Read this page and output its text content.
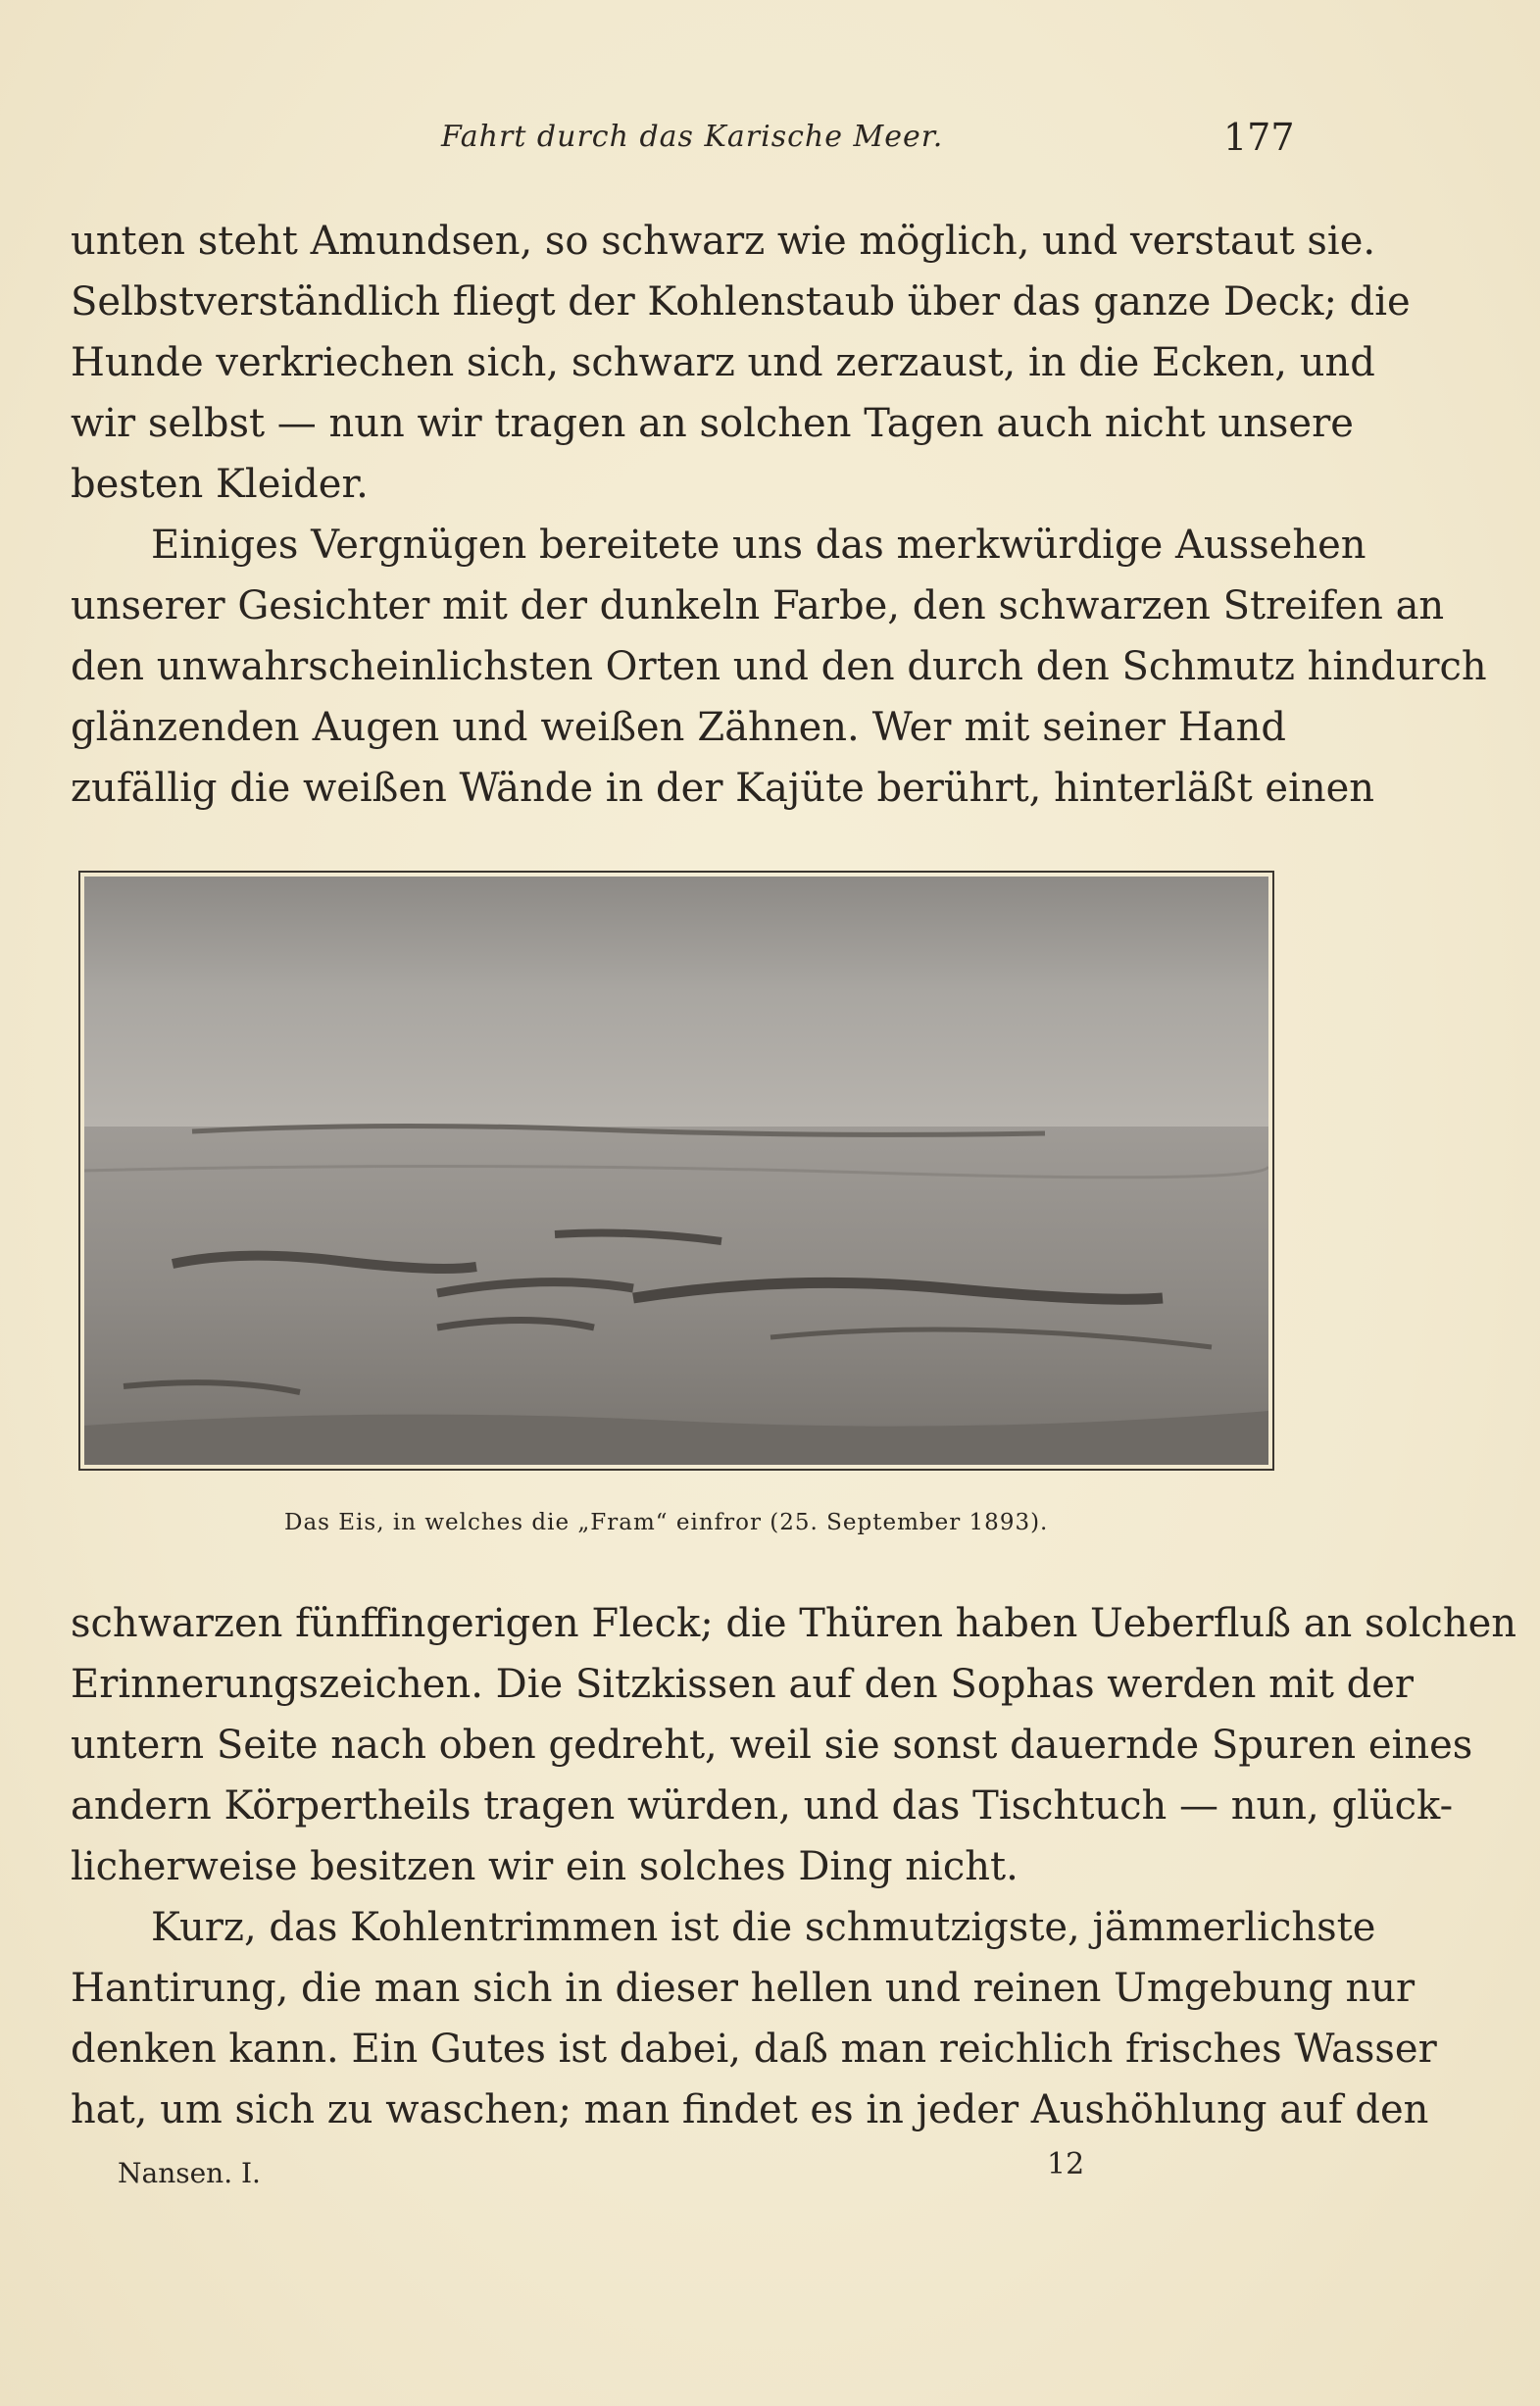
Fahrt durch das Karische Meer.	177
unten steht Amundsen, so schwarz wie möglich, und verstaut sie.
Selbstverständlich fliegt der Kohlenstaub über das ganze Deck; die
Hunde verkriechen sich, schwarz und zerzaust, in die Ecken, und
wir selbst — nun wir tragen an solchen Tagen auch nicht unsere
besten Kleider.
Einiges Vergnügen bereitete uns das merkwürdige Aussehen
unserer Gesichter mit der dunkeln Farbe, den schwarzen Streifen an
den unwahrscheinlichsten Orten und den durch den Schmutz hindurch
glänzenden Augen und weißen Zähnen. Wer mit seiner Hand
zufällig die weißen Wände in der Kajüte berührt, hinterläßt einen
Das Eis, in welches die „Fram“ einfror (25. September 1893).
schwarzen fünffingerigen Fleck; die Thüren haben Ueberfluß an solchen
Erinnerungszeichen. Die Sitzkissen auf den Sophas werden mit der
untern Seite nach oben gedreht, weil sie sonst dauernde Spuren eines
andern Körpertheils tragen würden, und das Tischtuch — nun, glück-
licherweise besitzen wir ein solches Ding nicht.
Kurz, das Kohlentrimmen ist die schmutzigste, jämmerlichste
Hantirung, die man sich in dieser hellen und reinen Umgebung nur
denken kann. Ein Gutes ist dabei, daß man reichlich frisches Wasser
hat, um sich zu waschen; man findet es in jeder Aushöhlung auf den
Nansen. I.	12
